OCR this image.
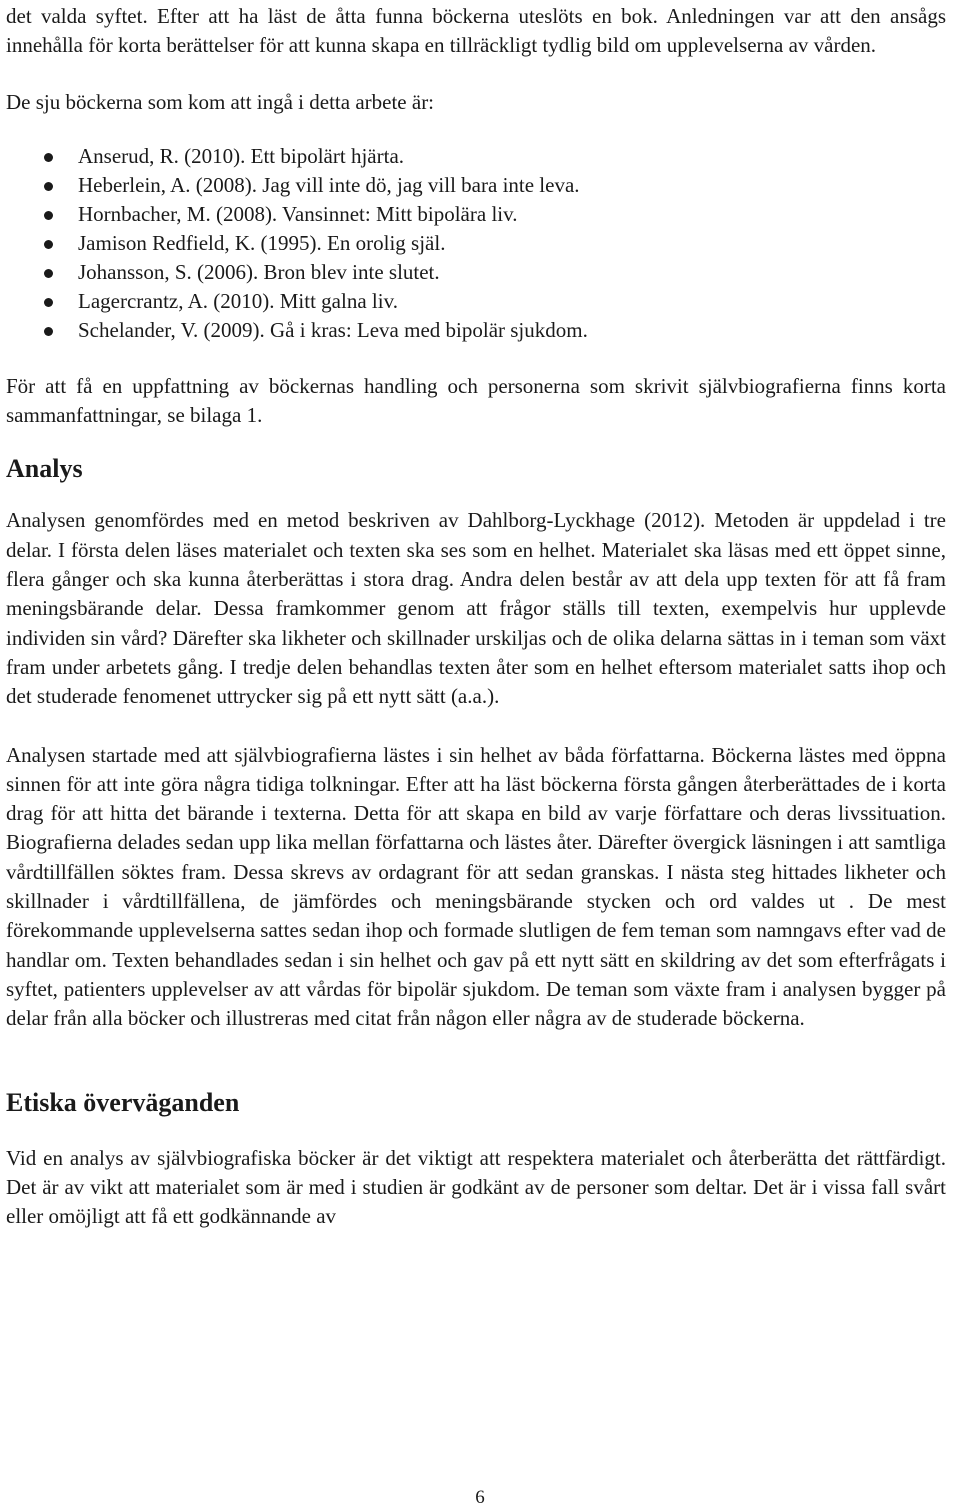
det valda syftet. Efter att ha läst de åtta funna böckerna uteslöts en bok. Anledningen var att den ansågs innehålla för korta berättelser för att kunna skapa en tillräckligt tydlig bild om upplevelserna av vården.

De sju böckerna som kom att ingå i detta arbete är:

Anserud, R. (2010). Ett bipolärt hjärta.
Heberlein, A. (2008). Jag vill inte dö, jag vill bara inte leva.
Hornbacher, M. (2008). Vansinnet: Mitt bipolära liv.
Jamison Redfield, K. (1995). En orolig själ.
Johansson, S. (2006). Bron blev inte slutet.
Lagercrantz, A. (2010). Mitt galna liv.
Schelander, V. (2009). Gå i kras: Leva med bipolär sjukdom.

För att få en uppfattning av böckernas handling och personerna som skrivit självbiografierna finns korta sammanfattningar, se bilaga 1.

Analys

Analysen genomfördes med en metod beskriven av Dahlborg-Lyckhage (2012). Metoden är uppdelad i tre delar. I första delen läses materialet och texten ska ses som en helhet. Materialet ska läsas med ett öppet sinne, flera gånger och ska kunna återberättas i stora drag. Andra delen består av att dela upp texten för att få fram meningsbärande delar. Dessa framkommer genom att frågor ställs till texten, exempelvis hur upplevde individen sin vård? Därefter ska likheter och skillnader urskiljas och de olika delarna sättas in i teman som växt fram under arbetets gång. I tredje delen behandlas texten åter som en helhet eftersom materialet satts ihop och det studerade fenomenet uttrycker sig på ett nytt sätt (a.a.).

Analysen startade med att självbiografierna lästes i sin helhet av båda författarna. Böckerna lästes med öppna sinnen för att inte göra några tidiga tolkningar. Efter att ha läst böckerna första gången återberättades de i korta drag för att hitta det bärande i texterna. Detta för att skapa en bild av varje författare och deras livssituation. Biografierna delades sedan upp lika mellan författarna och lästes åter. Därefter övergick läsningen i att samtliga vårdtillfällen söktes fram. Dessa skrevs av ordagrant för att sedan granskas. I nästa steg hittades likheter och skillnader i vårdtillfällena, de jämfördes och meningsbärande stycken och ord valdes ut . De mest förekommande upplevelserna sattes sedan ihop och formade slutligen de fem teman som namngavs efter vad de handlar om. Texten behandlades sedan i sin helhet och gav på ett nytt sätt en skildring av det som efterfrågats i syftet, patienters upplevelser av att vårdas för bipolär sjukdom. De teman som växte fram i analysen bygger på delar från alla böcker och illustreras med citat från någon eller några av de studerade böckerna.

Etiska överväganden

Vid en analys av självbiografiska böcker är det viktigt att respektera materialet och återberätta det rättfärdigt. Det är av vikt att materialet som är med i studien är godkänt av de personer som deltar. Det är i vissa fall svårt eller omöjligt att få ett godkännande av

6
